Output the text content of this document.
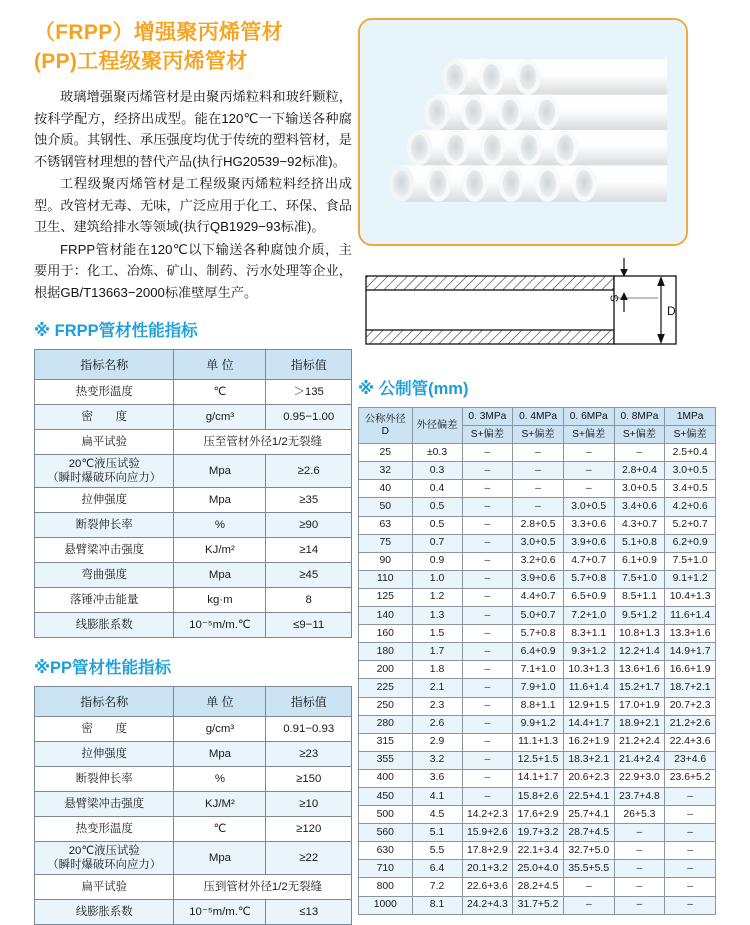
（FRPP）增强聚丙烯管材
(PP)工程级聚丙烯管材

玻璃增强聚丙烯管材是由聚丙烯粒料和玻纤颗粒，按科学配方，经挤出成型。能在120℃一下输送各种腐蚀介质。其钢性、承压强度均优于传统的塑料管材，是不锈钢管材理想的替代产品(执行HG20539−92标准)。

工程级聚丙烯管材是工程级聚丙烯粒料经挤出成型。改管材无毒、无味，广泛应用于化工、环保、食品卫生、建筑给排水等领域(执行QB1929−93标准)。

FRPP管材能在120℃以下输送各种腐蚀介质，主要用于：化工、冶炼、矿山、制药、污水处理等企业，根据GB/T13663−2000标准壁厚生产。

※ FRPP管材性能指标
指标名称	单 位	指标值
热变形温度	℃	＞135
密　　度	g/cm³	0.95−1.00
扁平试验	压至管材外径1/2无裂缝	

20℃液压试验
（瞬时爆破环向应力）	Mpa	≥2.6
拉伸强度	Mpa	≥35
断裂伸长率	%	≥90
悬臂梁冲击强度	KJ/m²	≥14
弯曲强度	Mpa	≥45
落锤冲击能量	kg·m	8
线膨胀系数	10⁻⁵m/m.℃	≤9−11
※PP管材性能指标
指标名称	单 位	指标值
密　　度	g/cm³	0.91−0.93
拉伸强度	Mpa	≥23
断裂伸长率	%	≥150
悬臂梁冲击强度	KJ/M²	≥10
热变形温度	℃	≥120

20℃液压试验
（瞬时爆破环向应力）	Mpa	≥22
扁平试验	压到管材外径1/2无裂缝	
线膨胀系数	10⁻⁵m/m.℃	≤13
S
D
※ 公制管(mm)
公称外径
D	外径偏差	0. 3MPa	0. 4MPa	0. 6MPa	0. 8MPa	1MPa
		S+偏差	S+偏差	S+偏差	S+偏差	S+偏差
25	±0.3	–	–	–	–	2.5+0.4
32	0.3	–	–	–	2.8+0.4	3.0+0.5
40	0.4	–	–	–	3.0+0.5	3.4+0.5
50	0.5	–	–	3.0+0.5	3.4+0.6	4.2+0.6
63	0.5	–	2.8+0.5	3.3+0.6	4.3+0.7	5.2+0.7
75	0.7	–	3.0+0.5	3.9+0.6	5.1+0.8	6.2+0.9
90	0.9	–	3.2+0.6	4.7+0.7	6.1+0.9	7.5+1.0
110	1.0	–	3.9+0.6	5.7+0.8	7.5+1.0	9.1+1.2
125	1.2	–	4.4+0.7	6.5+0.9	8.5+1.1	10.4+1.3
140	1.3	–	5.0+0.7	7.2+1.0	9.5+1.2	11.6+1.4
160	1.5	–	5.7+0.8	8.3+1.1	10.8+1.3	13.3+1.6
180	1.7	–	6.4+0.9	9.3+1.2	12.2+1.4	14.9+1.7
200	1.8	–	7.1+1.0	10.3+1.3	13.6+1.6	16.6+1.9
225	2.1	–	7.9+1.0	11.6+1.4	15.2+1.7	18.7+2.1
250	2.3	–	8.8+1.1	12.9+1.5	17.0+1.9	20.7+2.3
280	2.6	–	9.9+1.2	14.4+1.7	18.9+2.1	21.2+2.6
315	2.9	–	11.1+1.3	16.2+1.9	21.2+2.4	22.4+3.6
355	3.2	–	12.5+1.5	18.3+2.1	21.4+2.4	23+4.6
400	3.6	–	14.1+1.7	20.6+2.3	22.9+3.0	23.6+5.2
450	4.1	–	15.8+2.6	22.5+4.1	23.7+4.8	–
500	4.5	14.2+2.3	17.6+2.9	25.7+4.1	26+5.3	–
560	5.1	15.9+2.6	19.7+3.2	28.7+4.5	–	–
630	5.5	17.8+2.9	22.1+3.4	32.7+5.0	–	–
710	6.4	20.1+3.2	25.0+4.0	35.5+5.5	–	–
800	7.2	22.6+3.6	28.2+4.5	–	–	–
1000	8.1	24.2+4.3	31.7+5.2	–	–	–
